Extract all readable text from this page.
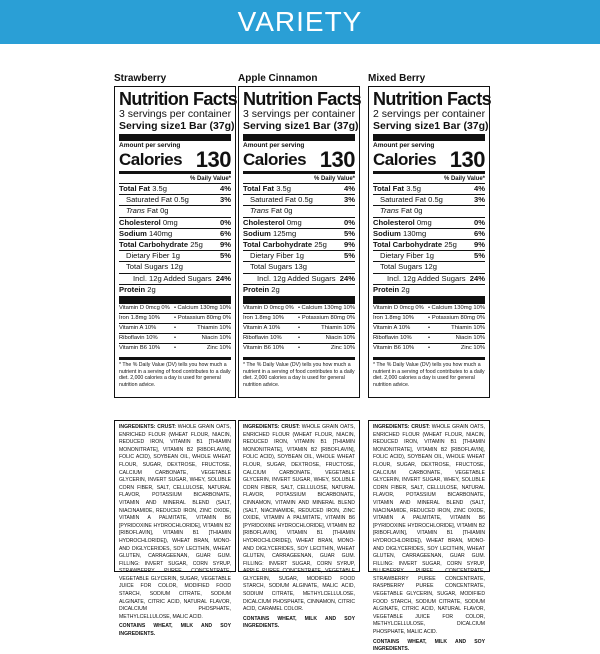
VARIETY
Strawberry
Nutrition Facts
3 servings per container
Serving size 1 Bar (37g)
Amount per serving
Calories 130
% Daily Value*
Total Fat 3.5g	4%
Saturated Fat 0.5g	3%
Trans Fat 0g
Cholesterol 0mg	0%
Sodium 140mg	6%
Total Carbohydrate 25g 9%
Dietary Fiber 1g	5%
Total Sugars 12g
Incl. 12g Added Sugars 24%
Protein 2g
Vitamin D 0mcg 0% • Calcium 130mg 10%
Iron 1.8mg 10%	• Potassium 80mg 0%
Vitamin A 10%	•	Thiamin 10%
Riboflavin 10%	•	Niacin 10%
Vitamin B6 10%	•	Zinc 10%
* The % Daily Value (DV) tells you how much a nutrient in a serving of food contributes to a daily diet. 2,000 calories a day is used for general nutrition advice.
INGREDIENTS: CRUST: WHOLE GRAIN OATS, ENRICHED FLOUR (WHEAT FLOUR, NIACIN, REDUCED IRON, VITAMIN B1 [THIAMIN MONONITRATE], VITAMIN B2 [RIBOFLAVIN], FOLIC ACID), SOYBEAN OIL, WHOLE WHEAT FLOUR, SUGAR, DEXTROSE, FRUCTOSE, CALCIUM CARBONATE, VEGETABLE GLYCERIN, INVERT SUGAR, WHEY, SOLUBLE CORN FIBER, SALT, CELLULOSE, NATURAL FLAVOR, POTASSIUM BICARBONATE, VITAMIN AND MINERAL BLEND (SALT, NIACINAMIDE, REDUCED IRON, ZINC OXIDE, VITAMIN A PALMITATE, VITAMIN B6 [PYRIDOXINE HYDROCHLORIDE], VITAMIN B2 [RIBOFLAVIN], VITAMIN B1 [THIAMIN HYDROCHLORIDE]), WHEAT BRAN, MONO- AND DIGLYCERIDES, SOY LECITHIN, WHEAT GLUTEN, CARRAGEENAN, GUAR GUM. FILLING: INVERT SUGAR, CORN SYRUP, STRAWBERRY PUREE CONCENTRATE, VEGETABLE GLYCERIN, SUGAR, VEGETABLE JUICE FOR COLOR, MODIFIED FOOD STARCH, SODIUM CITRATE, SODIUM ALGINATE, CITRIC ACID, NATURAL FLAVOR, DICALCIUM PHOSPHATE, METHYLCELLULOSE, MALIC ACID.
CONTAINS WHEAT, MILK AND SOY INGREDIENTS.
Apple Cinnamon
Nutrition Facts
3 servings per container
Serving size 1 Bar (37g)
Amount per serving
Calories 130
% Daily Value*
Total Fat 3.5g	4%
Saturated Fat 0.5g	3%
Trans Fat 0g
Cholesterol 0mg	0%
Sodium 125mg	5%
Total Carbohydrate 25g 9%
Dietary Fiber 1g	5%
Total Sugars 13g
Incl. 12g Added Sugars 24%
Protein 2g
Vitamin D 0mcg 0% • Calcium 130mg 10%
Iron 1.8mg 10%	• Potassium 80mg 0%
Vitamin A 10%	•	Thiamin 10%
Riboflavin 10%	•	Niacin 10%
Vitamin B6 10%	•	Zinc 10%
* The % Daily Value (DV) tells you how much a nutrient in a serving of food contributes to a daily diet. 2,000 calories a day is used for general nutrition advice.
INGREDIENTS: CRUST: WHOLE GRAIN OATS, ENRICHED FLOUR (WHEAT FLOUR, NIACIN, REDUCED IRON, VITAMIN B1 [THIAMIN MONONITRATE], VITAMIN B2 [RIBOFLAVIN], FOLIC ACID), SOYBEAN OIL, WHOLE WHEAT FLOUR, SUGAR, DEXTROSE, FRUCTOSE, CALCIUM CARBONATE, VEGETABLE GLYCERIN, INVERT SUGAR, WHEY, SOLUBLE CORN FIBER, SALT, CELLULOSE, NATURAL FLAVOR, POTASSIUM BICARBONATE, CINNAMON, VITAMIN AND MINERAL BLEND (SALT, NIACINAMIDE, REDUCED IRON, ZINC OXIDE, VITAMIN A PALMITATE, VITAMIN B6 [PYRIDOXINE HYDROCHLORIDE], VITAMIN B2 [RIBOFLAVIN], VITAMIN B1 [THIAMIN HYDROCHLORIDE]), WHEAT BRAN, MONO- AND DIGLYCERIDES, SOY LECITHIN, WHEAT GLUTEN, CARRAGEENAN, GUAR GUM. FILLING: INVERT SUGAR, CORN SYRUP, APPLE PUREE CONCENTRATE, VEGETABLE GLYCERIN, SUGAR, MODIFIED FOOD STARCH, SODIUM ALGINATE, MALIC ACID, SODIUM CITRATE, METHYLCELLULOSE, DICALCIUM PHOSPHATE, CINNAMON, CITRIC ACID, CARAMEL COLOR.
CONTAINS WHEAT, MILK AND SOY INGREDIENTS.
Mixed Berry
Nutrition Facts
2 servings per container
Serving size 1 Bar (37g)
Amount per serving
Calories 130
% Daily Value*
Total Fat 3.5g	4%
Saturated Fat 0.5g	3%
Trans Fat 0g
Cholesterol 0mg	0%
Sodium 130mg	6%
Total Carbohydrate 25g 9%
Dietary Fiber 1g	5%
Total Sugars 12g
Incl. 12g Added Sugars 24%
Protein 2g
Vitamin D 0mcg 0% • Calcium 130mg 10%
Iron 1.8mg 10%	• Potassium 80mg 0%
Vitamin A 10%	•	Thiamin 10%
Riboflavin 10%	•	Niacin 10%
Vitamin B6 10%	•	Zinc 10%
* The % Daily Value (DV) tells you how much a nutrient in a serving of food contributes to a daily diet. 2,000 calories a day is used for general nutrition advice.
INGREDIENTS: CRUST: WHOLE GRAIN OATS, ENRICHED FLOUR (WHEAT FLOUR, NIACIN, REDUCED IRON, VITAMIN B1 [THIAMIN MONONITRATE], VITAMIN B2 [RIBOFLAVIN], FOLIC ACID), SOYBEAN OIL, WHOLE WHEAT FLOUR, SUGAR, DEXTROSE, FRUCTOSE, CALCIUM CARBONATE, VEGETABLE GLYCERIN, INVERT SUGAR, WHEY, SOLUBLE CORN FIBER, SALT, CELLULOSE, NATURAL FLAVOR, POTASSIUM BICARBONATE, VITAMIN AND MINERAL BLEND (SALT, NIACINAMIDE, REDUCED IRON, ZINC OXIDE, VITAMIN A PALMITATE, VITAMIN B6 [PYRIDOXINE HYDROCHLORIDE], VITAMIN B2 [RIBOFLAVIN], VITAMIN B1 [THIAMIN HYDROCHLORIDE]), WHEAT BRAN, MONO- AND DIGLYCERIDES, SOY LECITHIN, WHEAT GLUTEN, CARRAGEENAN, GUAR GUM. FILLING: INVERT SUGAR, CORN SYRUP, BLUEBERRY PUREE CONCENTRATE, STRAWBERRY PUREE CONCENTRATE, RASPBERRY PUREE CONCENTRATE, VEGETABLE GLYCERIN, SUGAR, MODIFIED FOOD STARCH, SODIUM CITRATE, SODIUM ALGINATE, CITRIC ACID, NATURAL FLAVOR, VEGETABLE JUICE FOR COLOR, METHYLCELLULOSE, DICALCIUM PHOSPHATE, MALIC ACID.
CONTAINS WHEAT, MILK AND SOY INGREDIENTS.
